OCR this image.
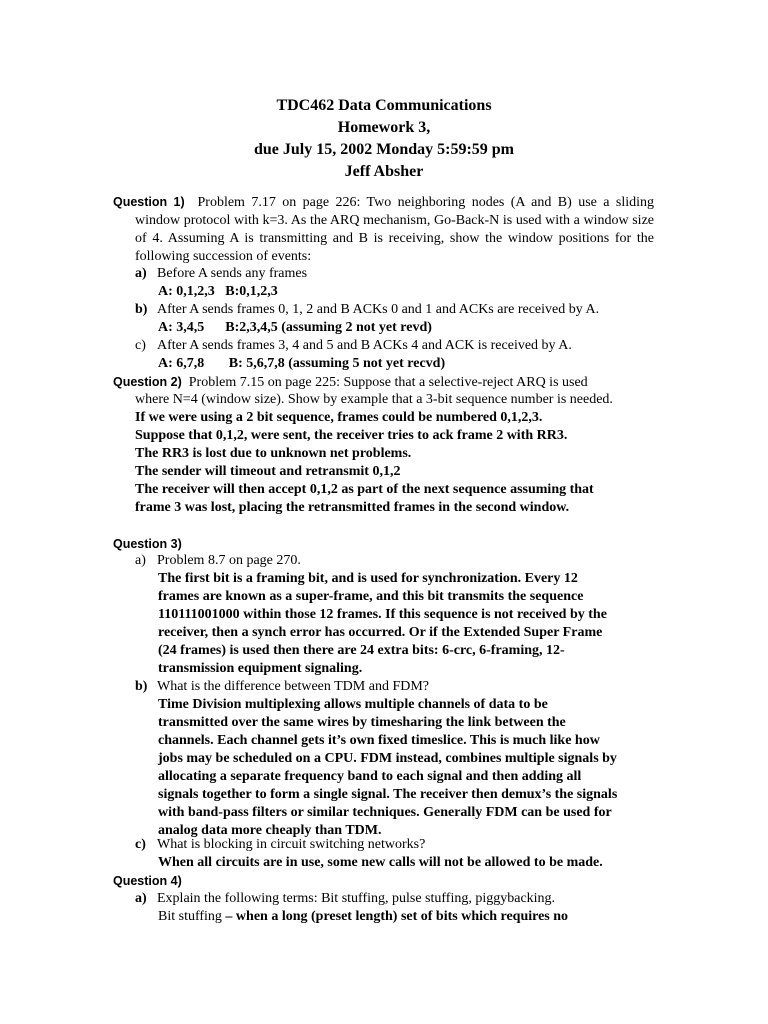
TDC462 Data Communications
Homework 3,
due July 15, 2002 Monday 5:59:59 pm
Jeff Absher
Question 1) Problem 7.17 on page 226: Two neighboring nodes (A and B) use a sliding window protocol with k=3. As the ARQ mechanism, Go-Back-N is used with a window size of 4. Assuming A is transmitting and B is receiving, show the window positions for the following succession of events:
a) Before A sends any frames
A: 0,1,2,3   B:0,1,2,3
b) After A sends frames 0, 1, 2 and B ACKs 0 and 1 and ACKs are received by A.
A: 3,4,5      B:2,3,4,5 (assuming 2 not yet revd)
c) After A sends frames 3, 4 and 5 and B ACKs 4 and ACK is received by A.
A: 6,7,8       B: 5,6,7,8 (assuming 5 not yet recvd)
Question 2) Problem 7.15 on page 225: Suppose that a selective-reject ARQ is used
where N=4 (window size). Show by example that a 3-bit sequence number is needed.
If we were using a 2 bit sequence, frames could be numbered 0,1,2,3.
Suppose that 0,1,2, were sent, the receiver tries to ack frame 2 with RR3.
The RR3 is lost due to unknown net problems.
The sender will timeout and retransmit 0,1,2
The receiver will then accept 0,1,2 as part of the next sequence assuming that
frame 3 was lost, placing the retransmitted frames in the second window.
Question 3)
a) Problem 8.7 on page 270.
The first bit is a framing bit, and is used for synchronization. Every 12
frames are known as a super-frame, and this bit transmits the sequence
110111001000 within those 12 frames. If this sequence is not received by the
receiver, then a synch error has occurred. Or if the Extended Super Frame
(24 frames) is used then there are 24 extra bits: 6-crc, 6-framing, 12-
transmission equipment signaling.
b) What is the difference between TDM and FDM?
Time Division multiplexing allows multiple channels of data to be
transmitted over the same wires by timesharing the link between the
channels. Each channel gets it’s own fixed timeslice. This is much like how
jobs may be scheduled on a CPU. FDM instead, combines multiple signals by
allocating a separate frequency band to each signal and then adding all
signals together to form a single signal. The receiver then demux’s the signals
with band-pass filters or similar techniques. Generally FDM can be used for
analog data more cheaply than TDM.
c) What is blocking in circuit switching networks?
When all circuits are in use, some new calls will not be allowed to be made.
Question 4)
a) Explain the following terms: Bit stuffing, pulse stuffing, piggybacking.
Bit stuffing – when a long (preset length) set of bits which requires no
